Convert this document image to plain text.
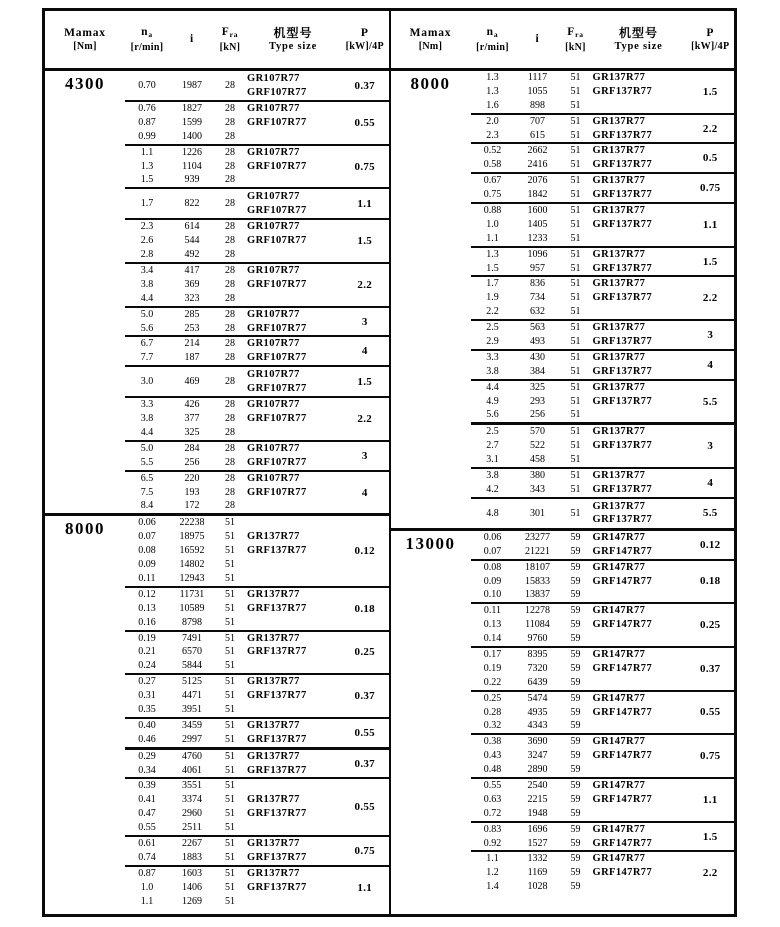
Mamax
[Nm]
$n_a$
[r/min]
i
$F_{ra}$
[kN]
机型号
Type size
P
[kW]/4P
4300	0.70	1987	28
GR107R77
GRF107R77
0.37
0.76	1827	28	GR107R77
0.87	1599	28	GRF107R77
0.99	1400	28
0.55
1.1	1226	28	GR107R77
1.3	1104	28	GRF107R77
1.5	939	28
0.75
1.7	822	28
GR107R77
GRF107R77
1.1
2.3	614	28	GR107R77
2.6	544	28	GRF107R77
2.8	492	28
1.5
3.4	417	28	GR107R77
3.8	369	28	GRF107R77
4.4	323	28
2.2
5.0	285	28	GR107R77
5.6	253	28	GRF107R77
3
6.7	214	28	GR107R77
7.7	187	28	GRF107R77
4
3.0	469	28
GR107R77
GRF107R77
1.5
3.3	426	28	GR107R77
3.8	377	28	GRF107R77
4.4	325	28
2.2
5.0	284	28	GR107R77
5.5	256	28	GRF107R77
3
6.5	220	28	GR107R77
7.5	193	28	GRF107R77
8.4	172	28
4
8000	0.06	22238	51
0.07	18975	51	GR137R77
0.08	16592	51	GRF137R77
0.09	14802	51
0.11	12943	51
0.12
0.12	11731	51	GR137R77
0.13	10589	51	GRF137R77
0.16	8798	51
0.18
0.19	7491	51	GR137R77
0.21	6570	51	GRF137R77
0.24	5844	51
0.25
0.27	5125	51	GR137R77
0.31	4471	51	GRF137R77
0.35	3951	51
0.37
0.40	3459	51	GR137R77
0.46	2997	51	GRF137R77
0.55
0.29	4760	51	GR137R77
0.34	4061	51	GRF137R77
0.37
0.39	3551	51
0.41	3374	51	GR137R77
0.47	2960	51	GRF137R77
0.55	2511	51
0.55
0.61	2267	51	GR137R77
0.74	1883	51	GRF137R77
0.75
0.87	1603	51	GR137R77
1.0	1406	51	GRF137R77
1.1	1269	51
1.1
Mamax
[Nm]
$n_a$
[r/min]
i
$F_{ra}$
[kN]
机型号
Type size
P
[kW]/4P
8000	1.3	1117	51	GR137R77
1.3	1055	51	GRF137R77
1.6	898	51
1.5
2.0	707	51	GR137R77
2.3	615	51	GRF137R77
2.2
0.52	2662	51	GR137R77
0.58	2416	51	GRF137R77
0.5
0.67	2076	51	GR137R77
0.75	1842	51	GRF137R77
0.75
0.88	1600	51	GR137R77
1.0	1405	51	GRF137R77
1.1	1233	51
1.1
1.3	1096	51	GR137R77
1.5	957	51	GRF137R77
1.5
1.7	836	51	GR137R77
1.9	734	51	GRF137R77
2.2	632	51
2.2
2.5	563	51	GR137R77
2.9	493	51	GRF137R77
3
3.3	430	51	GR137R77
3.8	384	51	GRF137R77
4
4.4	325	51	GR137R77
4.9	293	51	GRF137R77
5.6	256	51
5.5
2.5	570	51	GR137R77
2.7	522	51	GRF137R77
3.1	458	51
3
3.8	380	51	GR137R77
4.2	343	51	GRF137R77
4
4.8	301	51
GR137R77
GRF137R77
5.5
13000	0.06	23277	59	GR147R77
0.07	21221	59	GRF147R77
0.12
0.08	18107	59	GR147R77
0.09	15833	59	GRF147R77
0.10	13837	59
0.18
0.11	12278	59	GR147R77
0.13	11084	59	GRF147R77
0.14	9760	59
0.25
0.17	8395	59	GR147R77
0.19	7320	59	GRF147R77
0.22	6439	59
0.37
0.25	5474	59	GR147R77
0.28	4935	59	GRF147R77
0.32	4343	59
0.55
0.38	3690	59	GR147R77
0.43	3247	59	GRF147R77
0.48	2890	59
0.75
0.55	2540	59	GR147R77
0.63	2215	59	GRF147R77
0.72	1948	59
1.1
0.83	1696	59	GR147R77
0.92	1527	59	GRF147R77
1.5
1.1	1332	59	GR147R77
1.2	1169	59	GRF147R77
1.4	1028	59
2.2
